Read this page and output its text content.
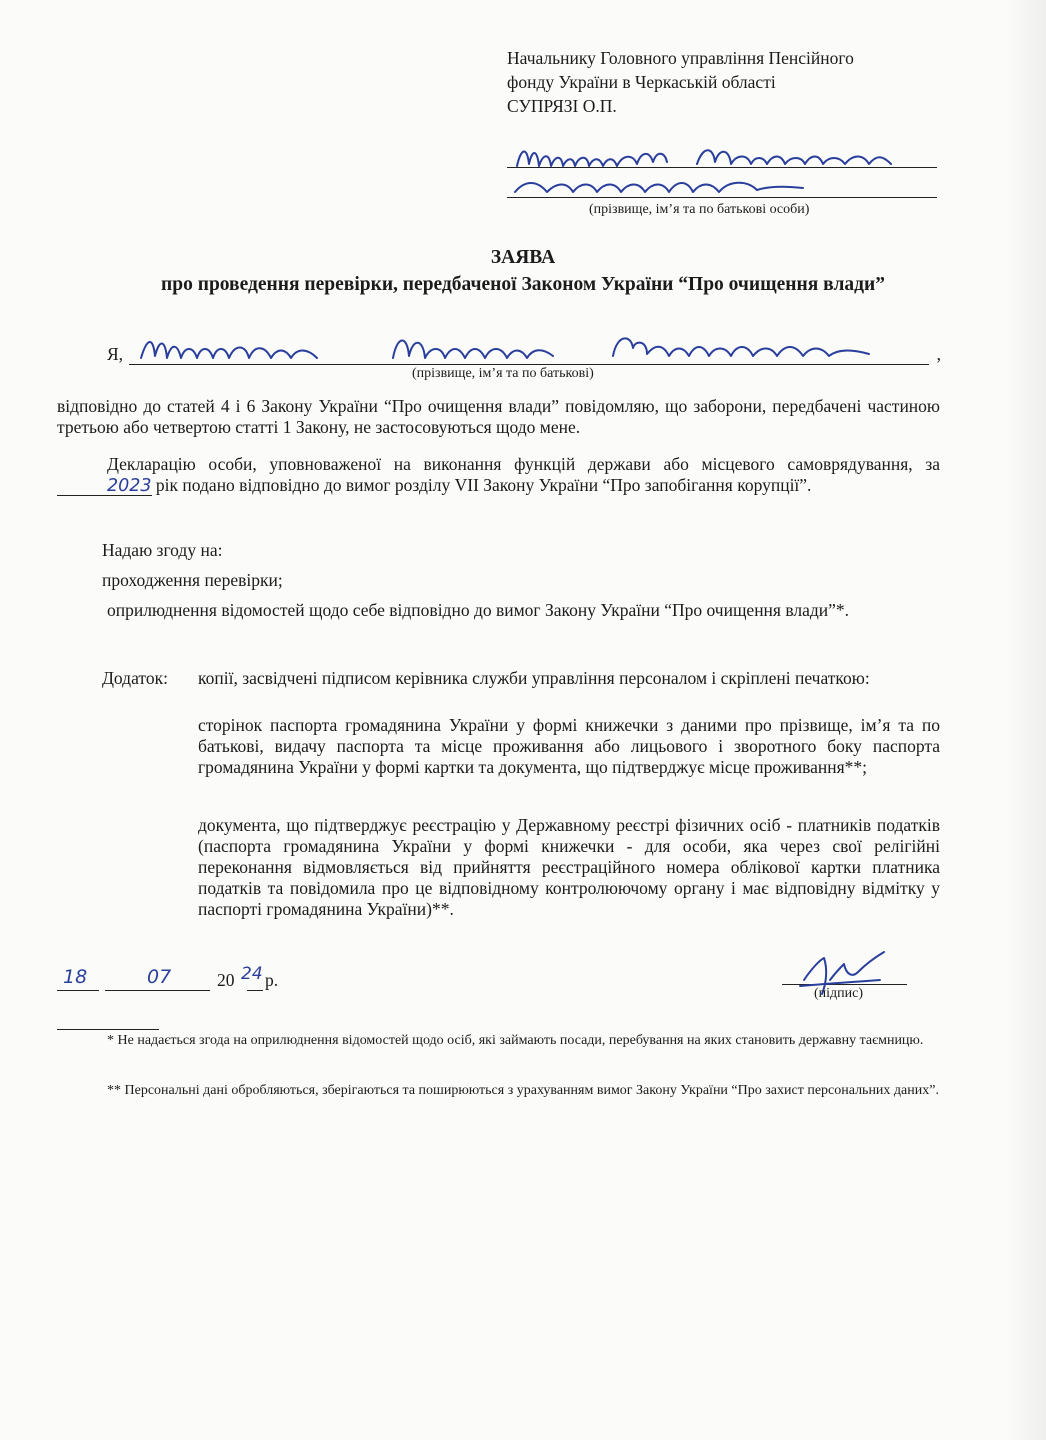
Начальнику Головного управління Пенсійного
фонду України в Черкаській області
СУПРЯЗІ О.П.
(прізвище, ім’я та по батькові особи)
ЗАЯВА
про проведення перевірки, передбаченої Законом України “Про очищення влади”
Я,	,
(прізвище, ім’я та по батькові)
відповідно до статей 4 і 6 Закону України “Про очищення влади” повідомляю, що заборони, передбачені частиною третьою або четвертою статті 1 Закону, не застосовуються щодо мене.
Декларацію особи, уповноваженої на виконання функцій держави або місцевого самоврядування, за 2023 рік подано відповідно до вимог розділу VII Закону України “Про запобігання корупції”.
Надаю згоду на:
проходження перевірки;
оприлюднення відомостей щодо себе відповідно до вимог Закону України “Про очищення влади”*.
Додаток: копії, засвідчені підписом керівника служби управління персоналом і скріплені печаткою:
сторінок паспорта громадянина України у формі книжечки з даними про прізвище, ім’я та по батькові, видачу паспорта та місце проживання або лицьового і зворотного боку паспорта громадянина України у формі картки та документа, що підтверджує місце проживання**;
документа, що підтверджує реєстрацію у Державному реєстрі фізичних осіб - платників податків (паспорта громадянина України у формі книжечки - для особи, яка через свої релігійні переконання відмовляється від прийняття реєстраційного номера облікової картки платника податків та повідомила про це відповідному контролюючому органу і має відповідну відмітку у паспорті громадянина України)**.
18	07	20 24 р.
(підпис)
* Не надається згода на оприлюднення відомостей щодо осіб, які займають посади, перебування на яких становить державну таємницю.
** Персональні дані обробляються, зберігаються та поширюються з урахуванням вимог Закону України “Про захист персональних даних”.
